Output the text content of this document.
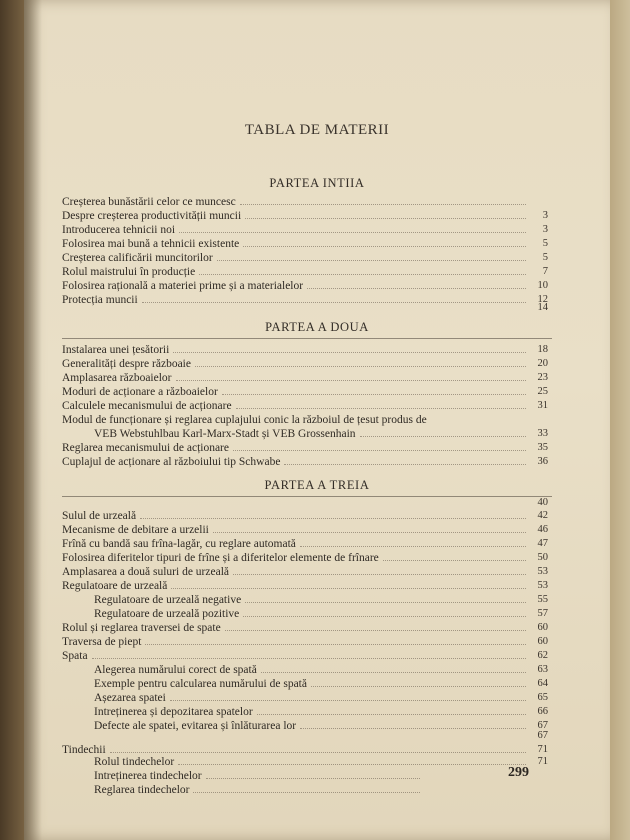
TABLA DE MATERII
PARTEA INTIIA
Creșterea bunăstării celor ce muncesc
Despre creșterea productivității muncii	3
Introducerea tehnicii noi	3
Folosirea mai bună a tehnicii existente	5
Creșterea calificării muncitorilor	5
Rolul maistrului în producție	7
Folosirea rațională a materiei prime și a materialelor	10
Protecția muncii	12
14
PARTEA A DOUA
Instalarea unei țesătorii	18
Generalități despre războaie	20
Amplasarea războaielor	23
Moduri de acționare a războaielor	25
Calculele mecanismului de acționare	31
Modul de funcționare și reglarea cuplajului conic la războiul de țesut produs de
VEB Webstuhlbau Karl-Marx-Stadt și VEB Grossenhain	33
Reglarea mecanismului de acționare	35
Cuplajul de acționare al războiului tip Schwabe	36
PARTEA A TREIA
40
Sulul de urzeală	42
Mecanisme de debitare a urzelii	46
Frînă cu bandă sau frîna-lagăr, cu reglare automată	47
Folosirea diferitelor tipuri de frîne și a diferitelor elemente de frînare	50
Amplasarea a două suluri de urzeală	53
Regulatoare de urzeală	53
Regulatoare de urzeală negative	55
Regulatoare de urzeală pozitive	57
Rolul și reglarea traversei de spate	60
Traversa de piept	60
Spata	62
Alegerea numărului corect de spată	63
Exemple pentru calcularea numărului de spată	64
Așezarea spatei	65
Intreținerea și depozitarea spatelor	66
Defecte ale spatei, evitarea și înlăturarea lor	67
67
Tindechii	71
Rolul tindechelor	71
Intreținerea tindechelor
Reglarea tindechelor
299
